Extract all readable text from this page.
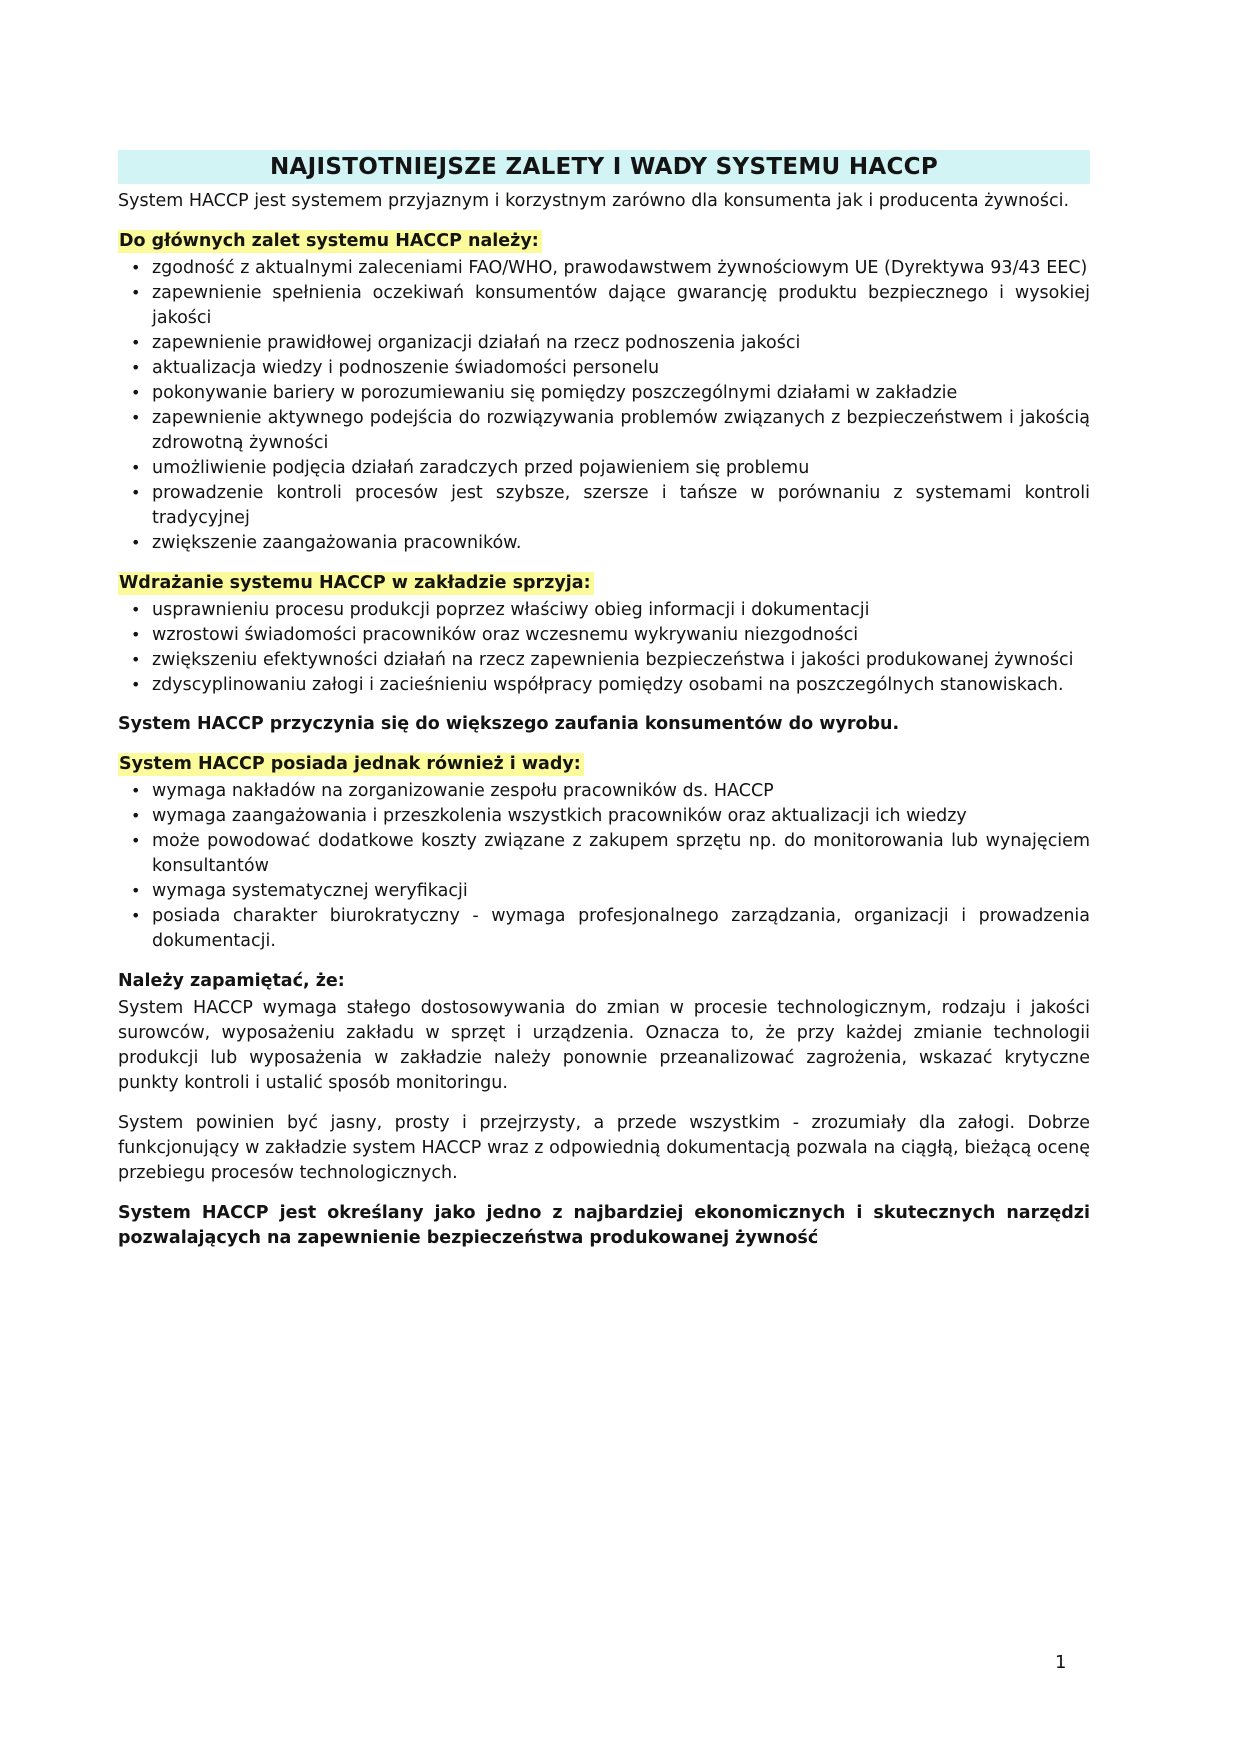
NAJISTOTNIEJSZE ZALETY I WADY SYSTEMU HACCP

System HACCP jest systemem przyjaznym i korzystnym zarówno dla konsumenta jak i producenta żywności.

Do głównych zalet systemu HACCP należy:
• zgodność z aktualnymi zaleceniami FAO/WHO, prawodawstwem żywnościowym UE (Dyrektywa 93/43 EEC)
• zapewnienie spełnienia oczekiwań konsumentów dające gwarancję produktu bezpiecznego i wysokiej jakości
• zapewnienie prawidłowej organizacji działań na rzecz podnoszenia jakości
• aktualizacja wiedzy i podnoszenie świadomości personelu
• pokonywanie bariery w porozumiewaniu się pomiędzy poszczególnymi działami w zakładzie
• zapewnienie aktywnego podejścia do rozwiązywania problemów związanych z bezpieczeństwem i jakością zdrowotną żywności
• umożliwienie podjęcia działań zaradczych przed pojawieniem się problemu
• prowadzenie kontroli procesów jest szybsze, szersze i tańsze w porównaniu z systemami kontroli tradycyjnej
• zwiększenie zaangażowania pracowników.
Wdrażanie systemu HACCP w zakładzie sprzyja:
• usprawnieniu procesu produkcji poprzez właściwy obieg informacji i dokumentacji
• wzrostowi świadomości pracowników oraz wczesnemu wykrywaniu niezgodności
• zwiększeniu efektywności działań na rzecz zapewnienia bezpieczeństwa i jakości produkowanej żywności
• zdyscyplinowaniu załogi i zacieśnieniu współpracy pomiędzy osobami na poszczególnych stanowiskach.

System HACCP przyczynia się do większego zaufania konsumentów do wyrobu.

System HACCP posiada jednak również i wady:
• wymaga nakładów na zorganizowanie zespołu pracowników ds. HACCP
• wymaga zaangażowania i przeszkolenia wszystkich pracowników oraz aktualizacji ich wiedzy
• może powodować dodatkowe koszty związane z zakupem sprzętu np. do monitorowania lub wynajęciem konsultantów
• wymaga systematycznej weryfikacji
• posiada charakter biurokratyczny - wymaga profesjonalnego zarządzania, organizacji i prowadzenia dokumentacji.
Należy zapamiętać, że:

System HACCP wymaga stałego dostosowywania do zmian w procesie technologicznym, rodzaju i jakości surowców, wyposażeniu zakładu w sprzęt i urządzenia. Oznacza to, że przy każdej zmianie technologii produkcji lub wyposażenia w zakładzie należy ponownie przeanalizować zagrożenia, wskazać krytyczne punkty kontroli i ustalić sposób monitoringu.

System powinien być jasny, prosty i przejrzysty, a przede wszystkim - zrozumiały dla załogi. Dobrze funkcjonujący w zakładzie system HACCP wraz z odpowiednią dokumentacją pozwala na ciągłą, bieżącą ocenę przebiegu procesów technologicznych.

System HACCP jest określany jako jedno z najbardziej ekonomicznych i skutecznych narzędzi pozwalających na zapewnienie bezpieczeństwa produkowanej żywność

1
